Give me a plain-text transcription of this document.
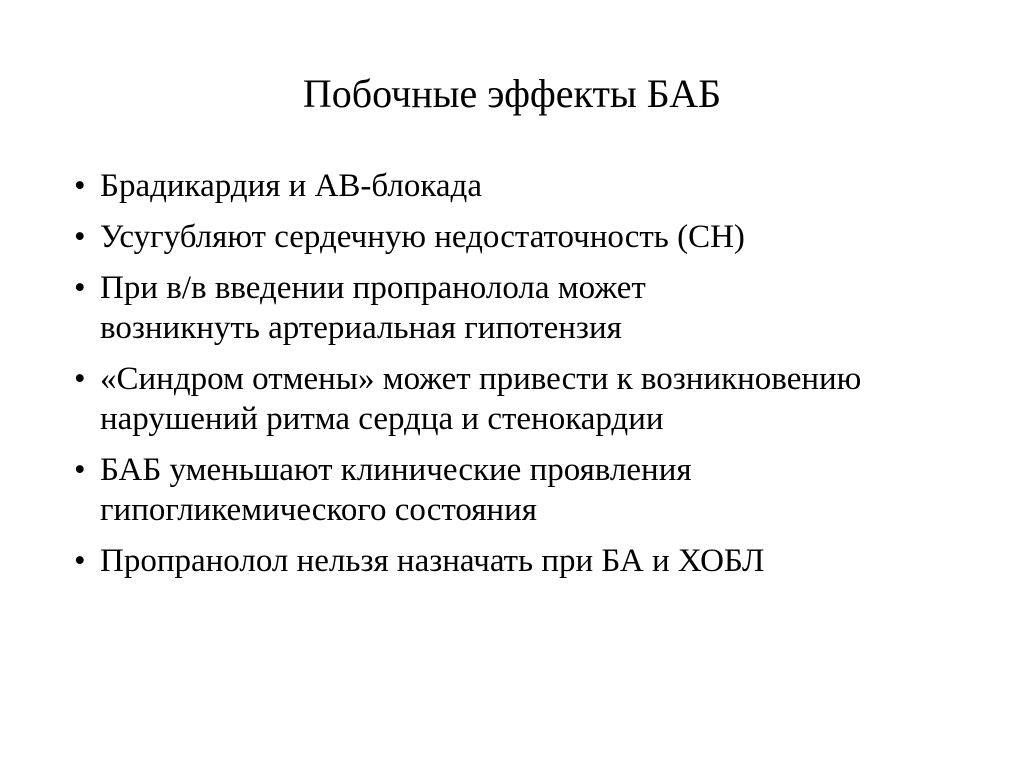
Побочные эффекты БАБ
• Брадикардия и АВ-блокада
• Усугубляют сердечную недостаточность (СН)
• При в/в введении пропранолола может возникнуть артериальная гипотензия
• «Синдром отмены» может привести к возникновению нарушений ритма сердца и стенокардии
• БАБ уменьшают клинические проявления гипогликемического состояния
• Пропранолол нельзя назначать при БА и ХОБЛ
